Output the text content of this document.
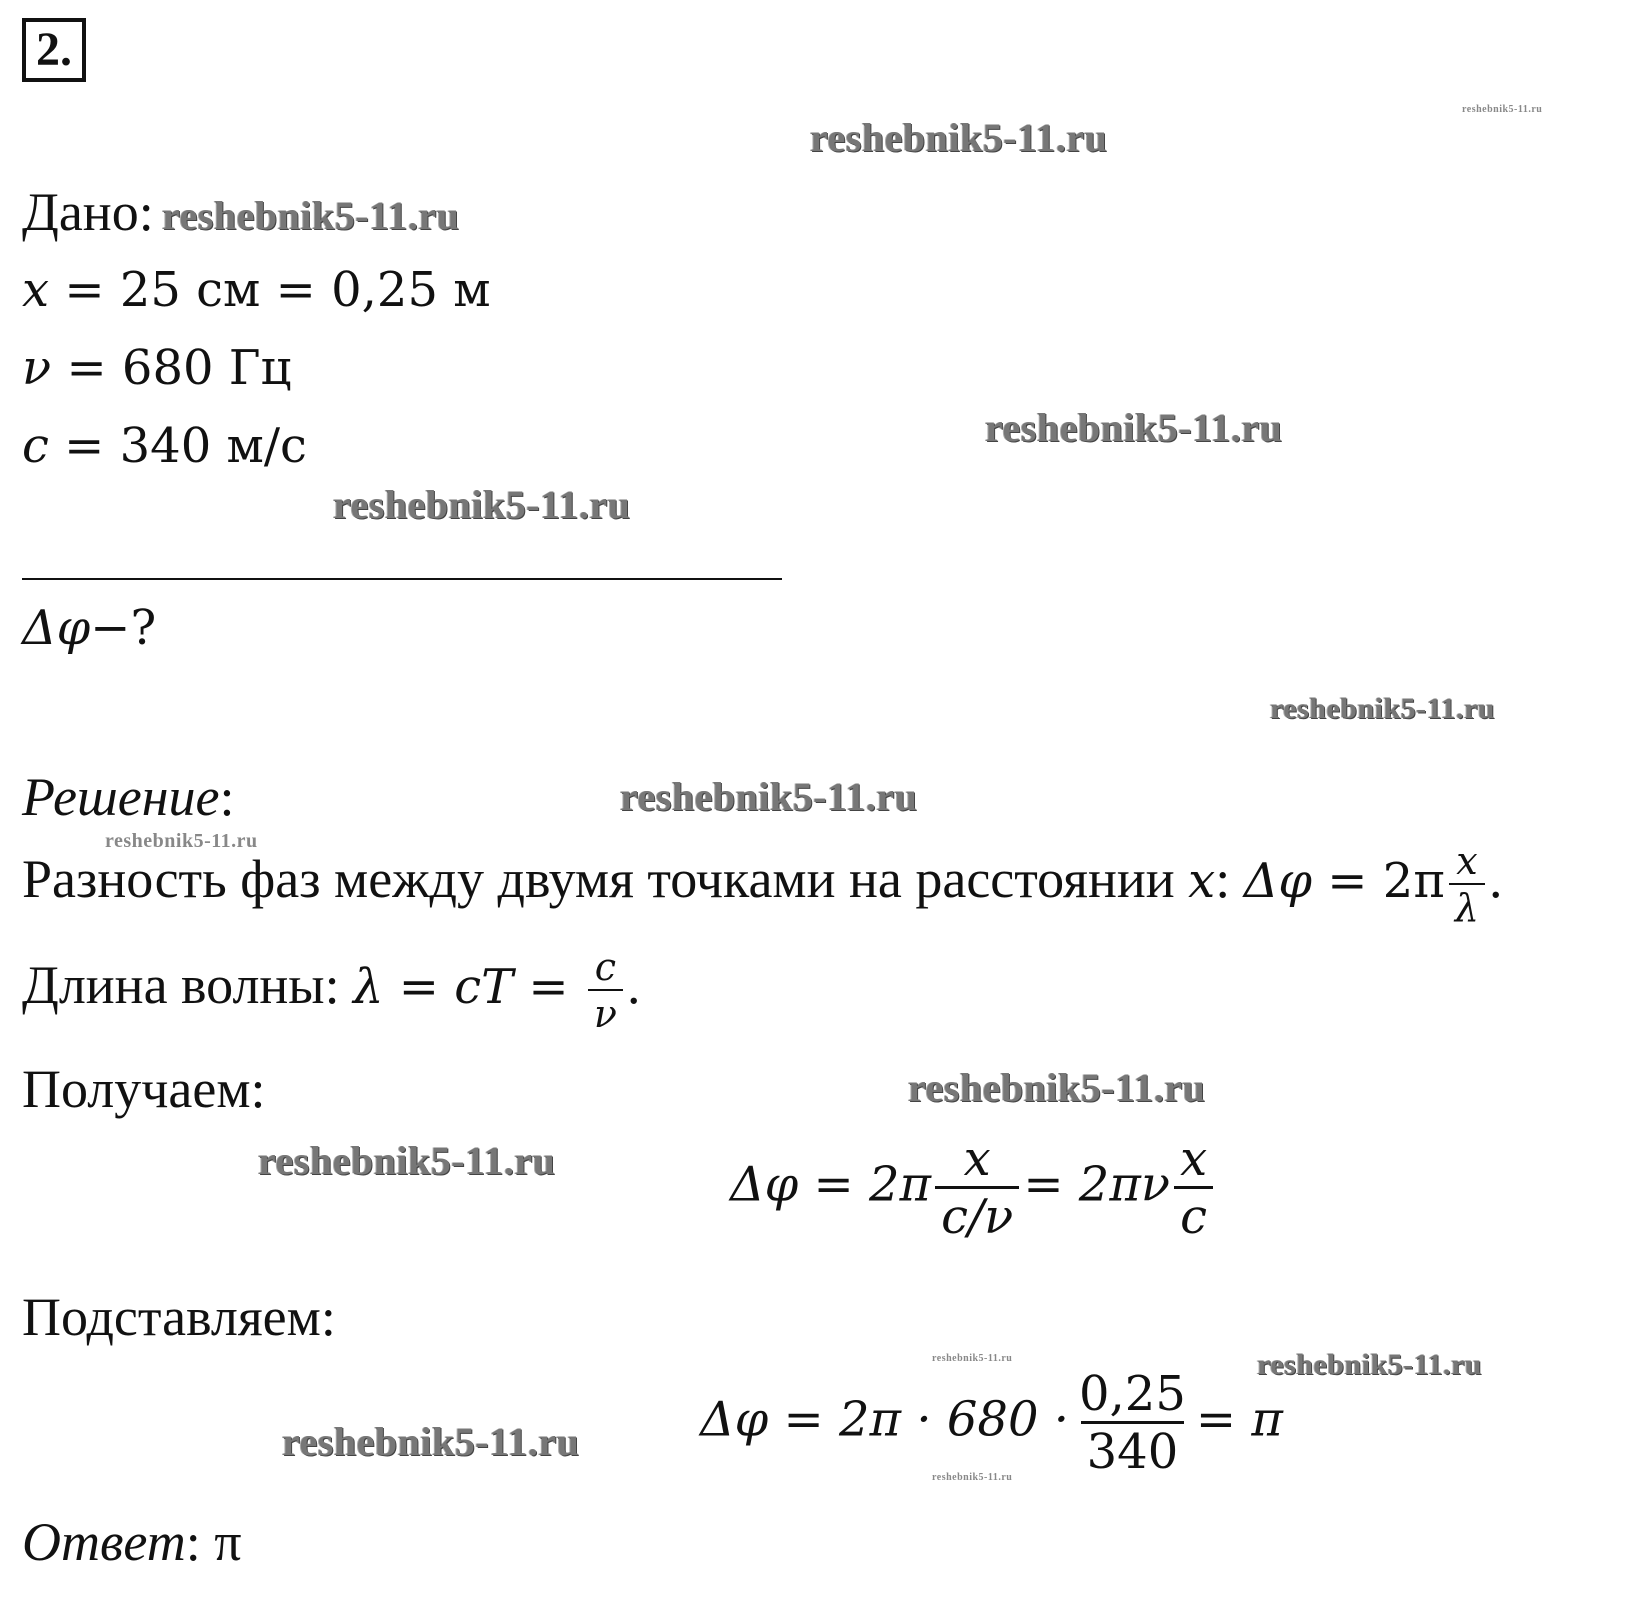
2.
Дано:
x = 25 см = 0,25 м
ν = 680 Гц
c = 340 м/с
Δφ−?
Решение:
Разность фаз между двумя точками на расстоянии x: $\Delta\varphi = 2\pi \frac{x}{\lambda}$ .
Длина волны: λ = cT = $\frac{c}{\nu}$ .
Получаем:
$\Delta\varphi = 2\pi \frac{x}{c/\nu} = 2\pi\nu \frac{x}{c}$
Подставляем:
$\Delta\varphi = 2\pi \cdot 680 \cdot \frac{0,25}{340} = \pi$
Ответ: π
reshebnik5-11.ru
reshebnik5-11.ru
reshebnik5-11.ru
reshebnik5-11.ru
reshebnik5-11.ru
reshebnik5-11.ru
reshebnik5-11.ru
reshebnik5-11.ru
reshebnik5-11.ru
reshebnik5-11.ru
reshebnik5-11.ru	reshebnik5-11.ru
reshebnik5-11.ru
reshebnik5-11.ru
